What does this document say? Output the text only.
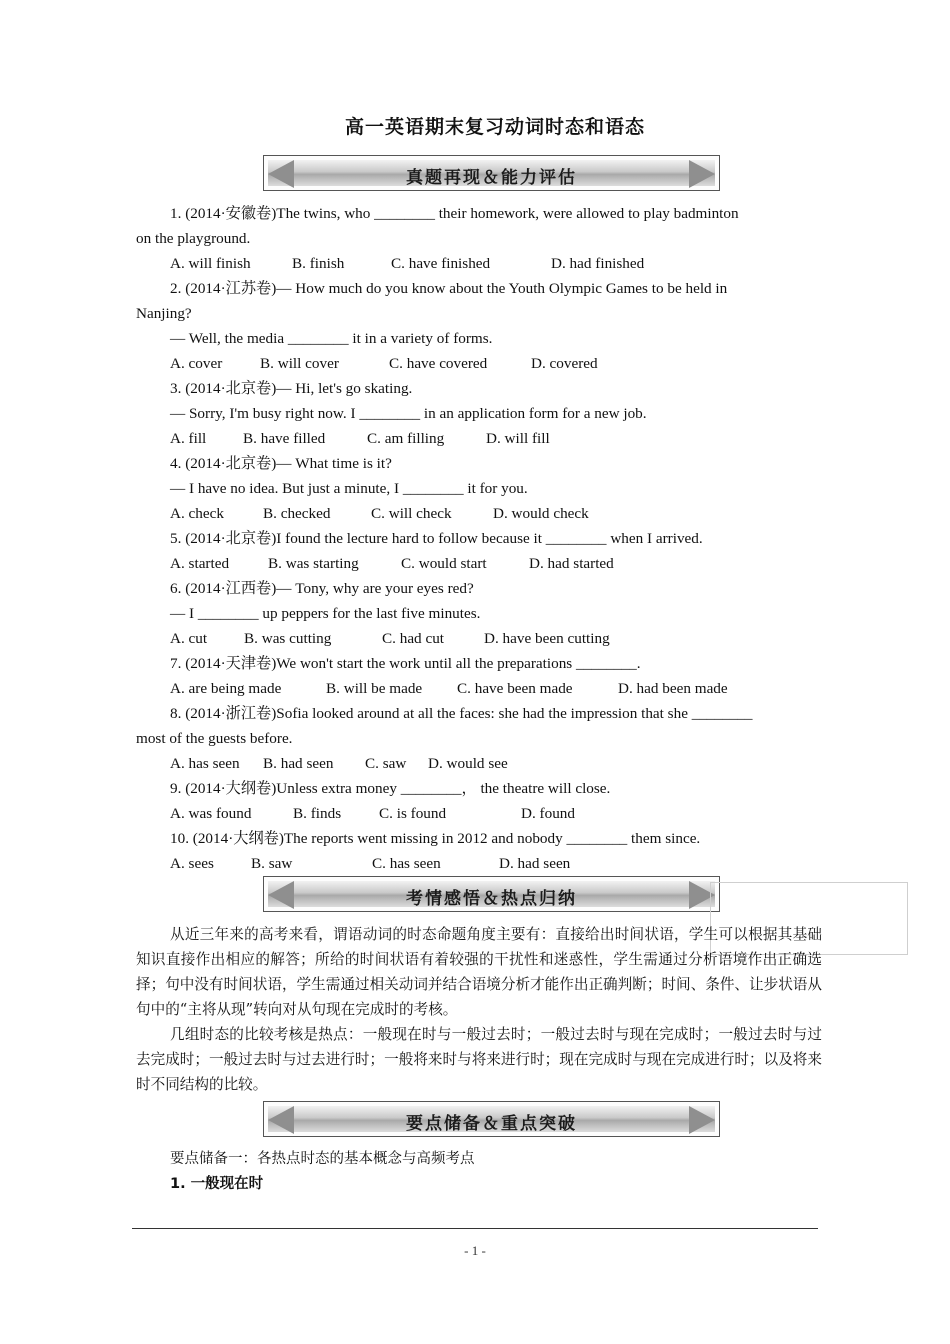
高一英语期末复习动词时态和语态
真题再现＆能力评估
1. (2014·安徽卷)The twins, who ________ their homework, were allowed to play badminton
on the playground.
A. will finish	B. finish	C. have finished	D. had finished
2. (2014·江苏卷)— How much do you know about the Youth Olympic Games to be held in
Nanjing?
— Well, the media ________ it in a variety of forms.
A. cover B. will cover	C. have covered	D. covered
3. (2014·北京卷)— Hi, let's go skating.
— Sorry, I'm busy right now. I ________ in an application form for a new job.
A. fill B. have filled	C. am filling	D. will fill
4. (2014·北京卷)— What time is it?
— I have no idea. But just a minute, I ________ it for you.
A. check	B. checked	C. will check	D. would check
5. (2014·北京卷)I found the lecture hard to follow because it ________ when I arrived.
A. started	B. was starting	C. would start	D. had started
6. (2014·江西卷)— Tony, why are your eyes red?
— I ________ up peppers for the last five minutes.
A. cut B. was cutting	C. had cut	D. have been cutting
7. (2014·天津卷)We won't start the work until all the preparations ________.
A. are being made	B. will be made C. have been made	D. had been made
8. (2014·浙江卷)Sofia looked around at all the faces: she had the impression that she ________
most of the guests before.
A. has seen B. had seen C. saw D. would see
9. (2014·大纲卷)Unless extra money ________， the theatre will close.
A. was found	B. finds C. is found	D. found
10. (2014·大纲卷)The reports went missing in 2012 and nobody ________ them since.
A. sees B. saw	C. has seen	D. had seen
考情感悟＆热点归纳

从近三年来的高考来看，谓语动词的时态命题角度主要有：直接给出时间状语，学生可以根据其基础知识直接作出相应的解答；所给的时间状语有着较强的干扰性和迷惑性，学生需通过分析语境作出正确选择；句中没有时间状语，学生需通过相关动词并结合语境分析才能作出正确判断；时间、条件、让步状语从句中的“主将从现”转向对从句现在完成时的考核。

几组时态的比较考核是热点：一般现在时与一般过去时；一般过去时与现在完成时；一般过去时与过去完成时；一般过去时与过去进行时；一般将来时与将来进行时；现在完成时与现在完成进行时；以及将来时不同结构的比较。

要点储备＆重点突破
要点储备一：各热点时态的基本概念与高频考点
1. 一般现在时
- 1 -
